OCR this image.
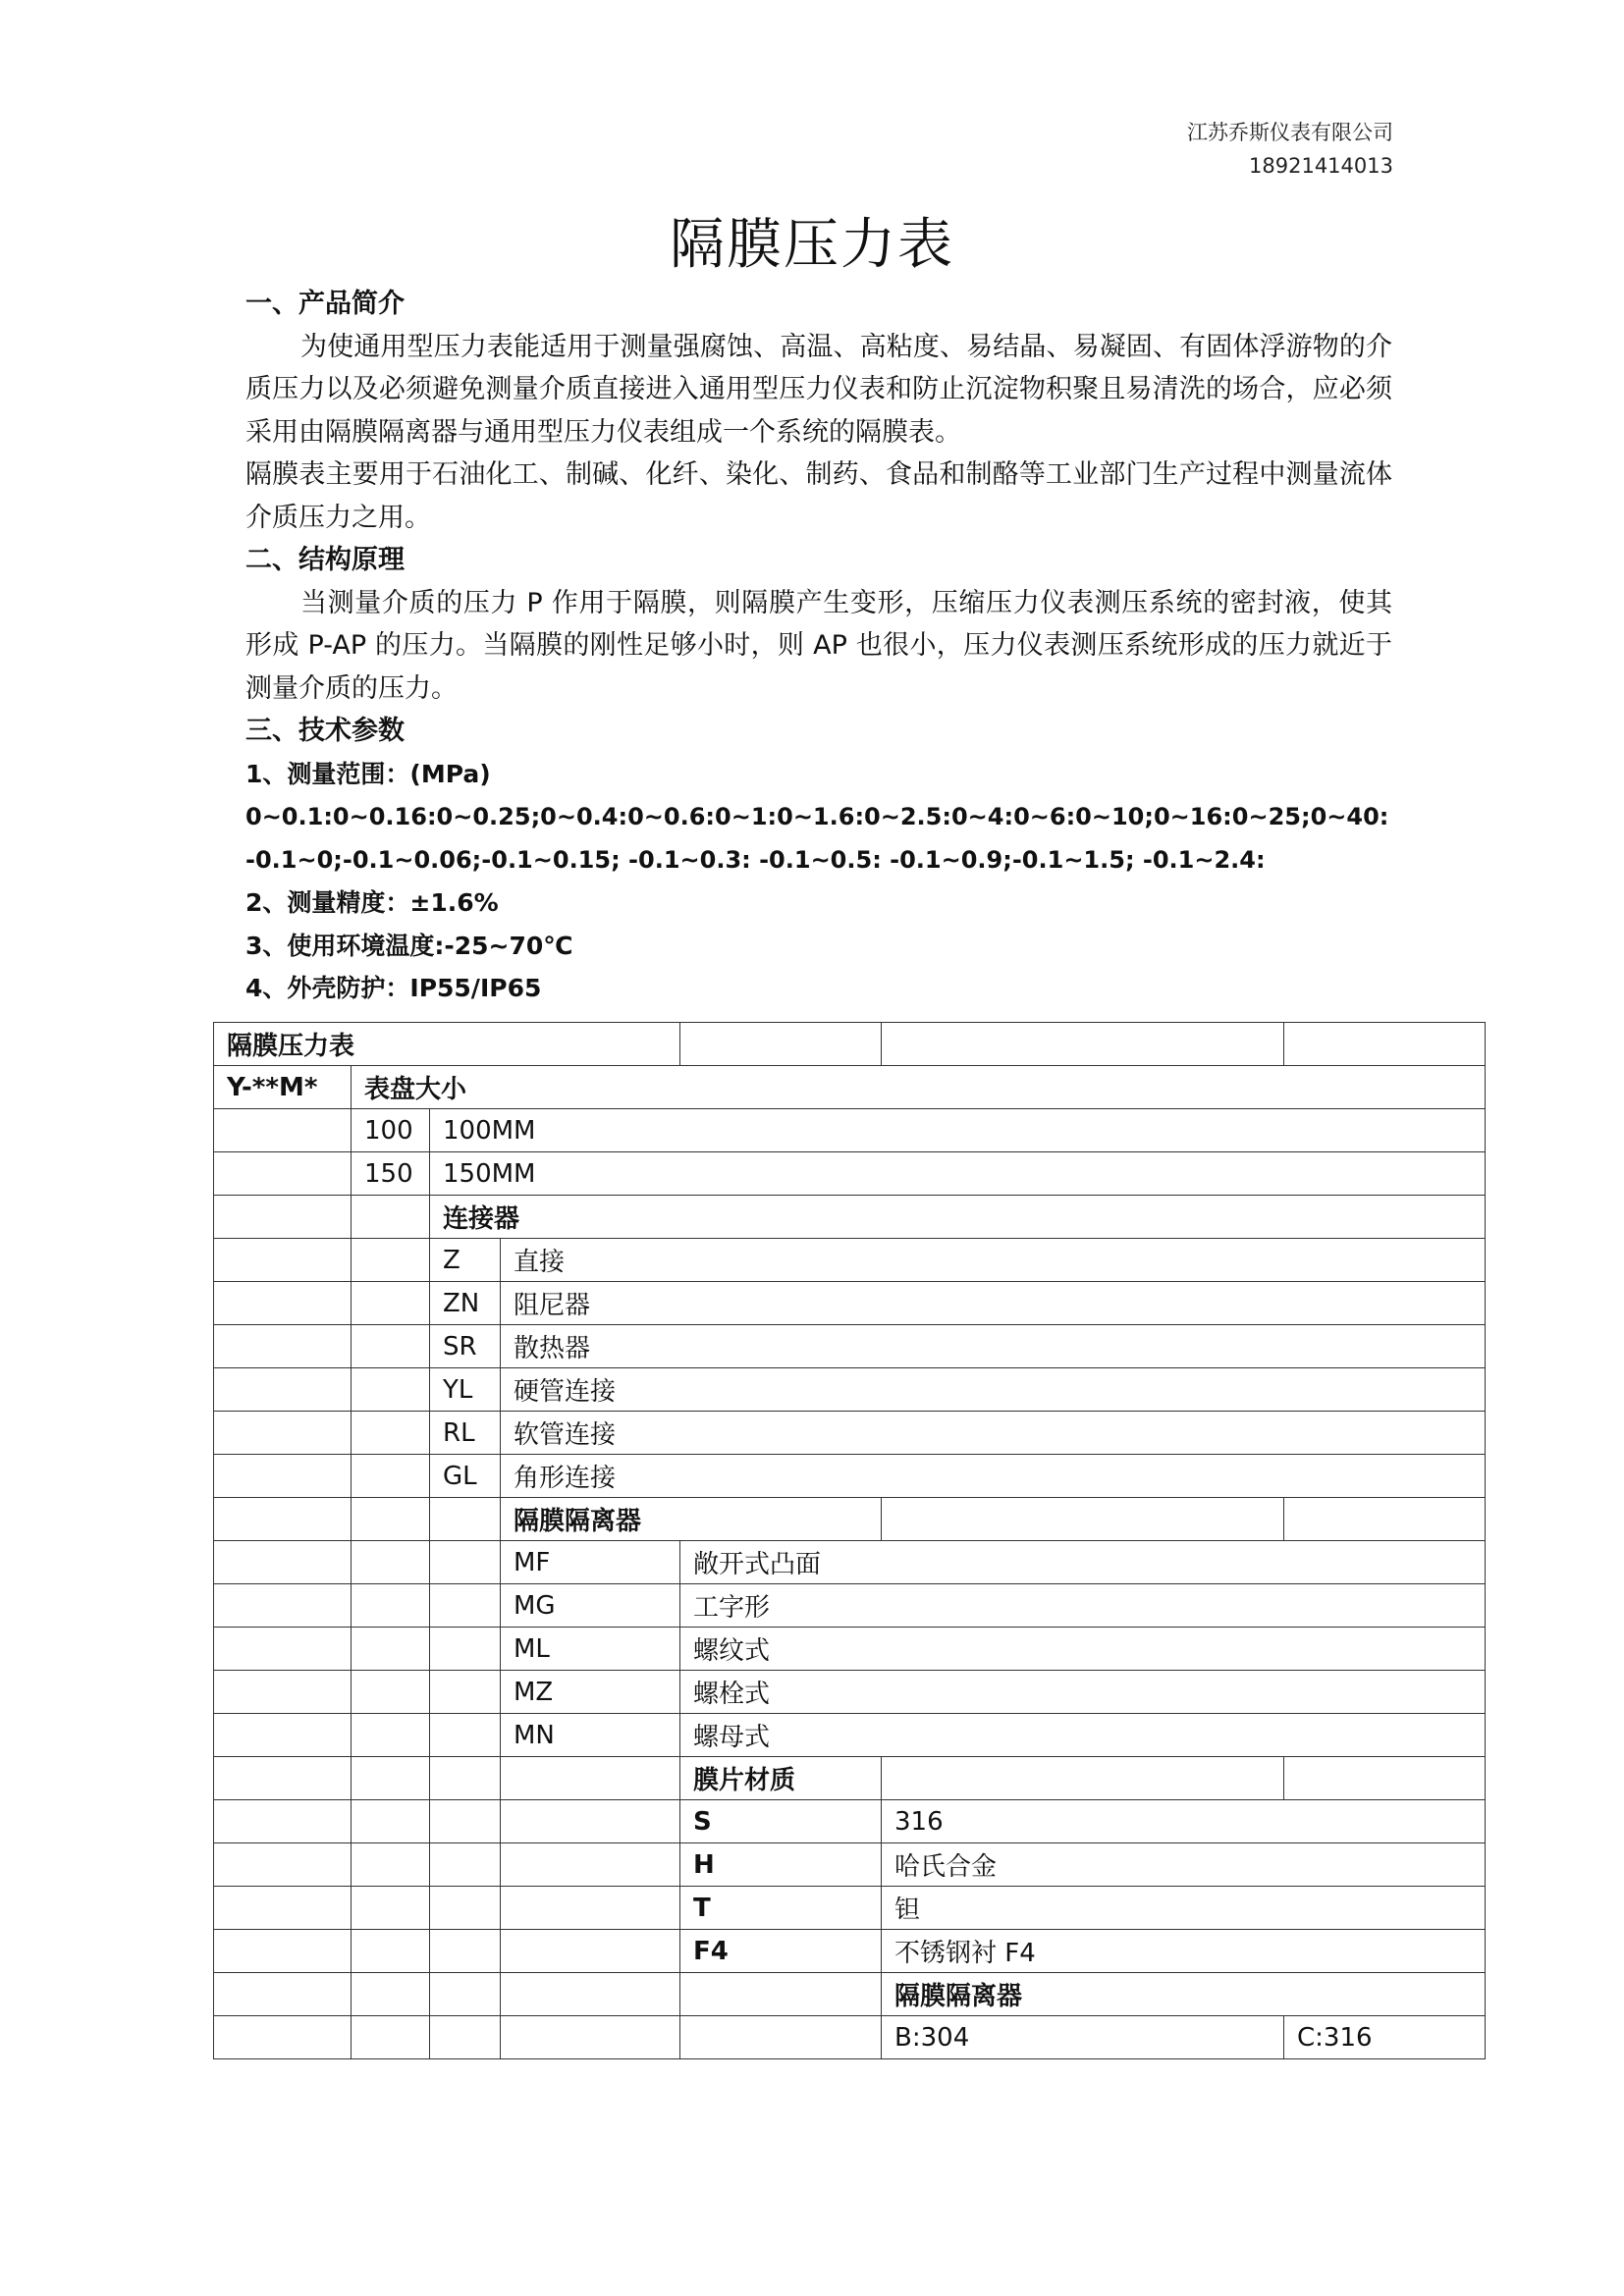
江苏乔斯仪表有限公司
18921414013
隔膜压力表

一、产品简介

为使通用型压力表能适用于测量强腐蚀、高温、高粘度、易结晶、易凝固、有固体浮游物的介质压力以及必须避免测量介质直接进入通用型压力仪表和防止沉淀物积聚且易清洗的场合，应必须采用由隔膜隔离器与通用型压力仪表组成一个系统的隔膜表。

隔膜表主要用于石油化工、制碱、化纤、染化、制药、食品和制酪等工业部门生产过程中测量流体介质压力之用。

二、结构原理

当测量介质的压力 P 作用于隔膜，则隔膜产生变形，压缩压力仪表测压系统的密封液，使其形成 P-AP 的压力。当隔膜的刚性足够小时，则 AP 也很小，压力仪表测压系统形成的压力就近于测量介质的压力。

三、技术参数

1、测量范围：(MPa)

0~0.1:0~0.16:0~0.25;0~0.4:0~0.6:0~1:0~1.6:0~2.5:0~4:0~6:0~10;0~16:0~25;0~40:-0.1~0;-0.1~0.06;-0.1~0.15; -0.1~0.3: -0.1~0.5: -0.1~0.9;-0.1~1.5; -0.1~2.4:

2、测量精度：±1.6%

3、使用环境温度:-25~70℃

4、外壳防护：IP55/IP65

隔膜压力表						
Y-**M*	表盘大小					
	100	100MM				
	150	150MM				
		连接器				
		Z	直接			
		ZN	阻尼器			
		SR	散热器			
		YL	硬管连接			
		RL	软管连接			
		GL	角形连接			
			隔膜隔离器			
			MF	敞开式凸面		
			MG	工字形		
			ML	螺纹式		
			MZ	螺栓式		
			MN	螺母式		
				膜片材质		
				S	316	
				H	哈氏合金	
				T	钽	
				F4	不锈钢衬 F4	
					隔膜隔离器	
					B:304	C:316
